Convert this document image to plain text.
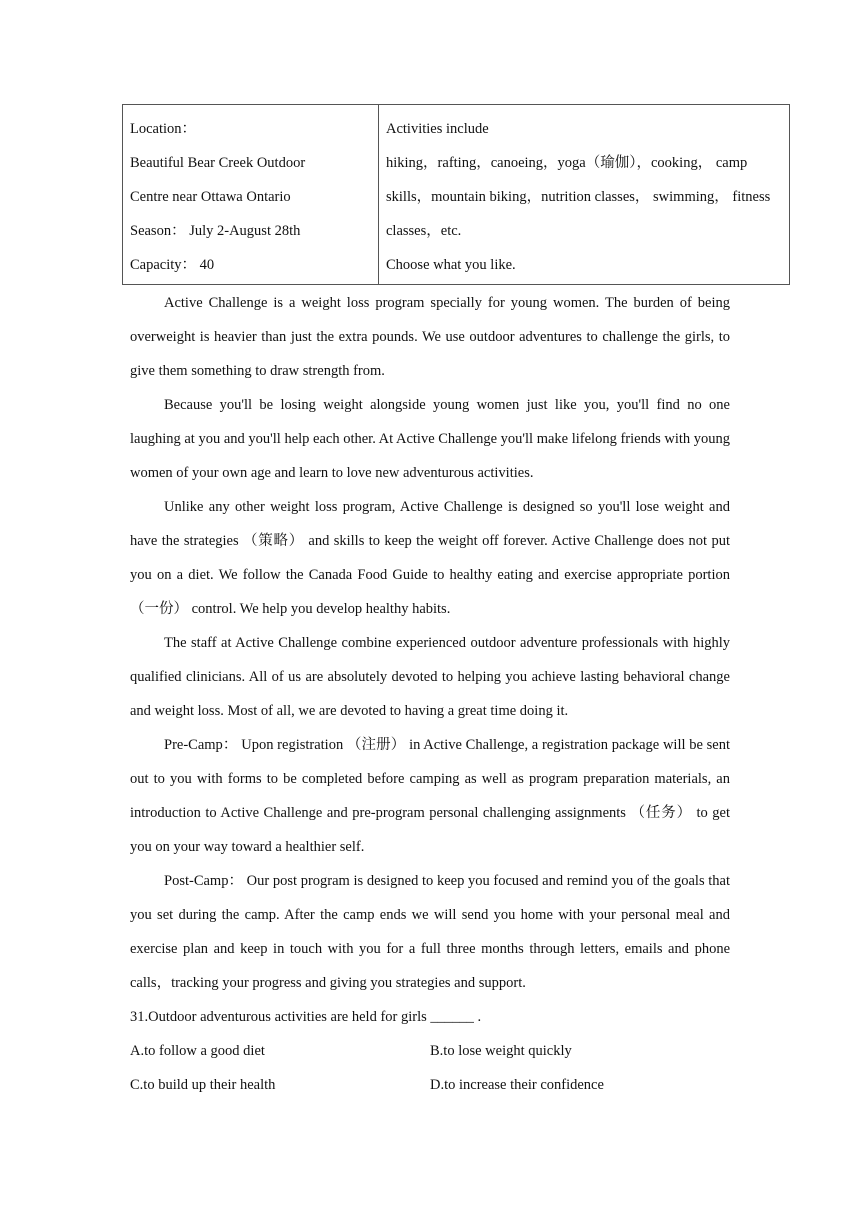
Location：
Beautiful Bear Creek Outdoor
Centre near Ottawa Ontario
Season： July 2-August 28th
Capacity： 40

Activities include
hiking，rafting，canoeing，yoga（瑜伽），cooking， camp skills，mountain biking，nutrition classes， swimming， fitness classes，etc.
Choose what you like.

Active Challenge is a weight loss program specially for young women. The burden of being overweight is heavier than just the extra pounds. We use outdoor adventures to challenge the girls, to give them something to draw strength from.

Because you'll be losing weight alongside young women just like you, you'll find no one laughing at you and you'll help each other. At Active Challenge you'll make lifelong friends with young women of your own age and learn to love new adventurous activities.

Unlike any other weight loss program, Active Challenge is designed so you'll lose weight and have the strategies （策略） and skills to keep the weight off forever. Active Challenge does not put you on a diet. We follow the Canada Food Guide to healthy eating and exercise appropriate portion （一份） control. We help you develop healthy habits.

The staff at Active Challenge combine experienced outdoor adventure professionals with highly qualified clinicians. All of us are absolutely devoted to helping you achieve lasting behavioral change and weight loss. Most of all, we are devoted to having a great time doing it.

Pre-Camp： Upon registration （注册） in Active Challenge, a registration package will be sent out to you with forms to be completed before camping as well as program preparation materials, an introduction to Active Challenge and pre-program personal challenging assignments （任务） to get you on your way toward a healthier self.

Post-Camp： Our post program is designed to keep you focused and remind you of the goals that you set during the camp. After the camp ends we will send you home with your personal meal and exercise plan and keep in touch with you for a full three months through letters, emails and phone calls，tracking your progress and giving you strategies and support.

31.Outdoor adventurous activities are held for girls ______ .

A.to follow a good diet	B.to lose weight quickly
C.to build up their health	D.to increase their confidence
